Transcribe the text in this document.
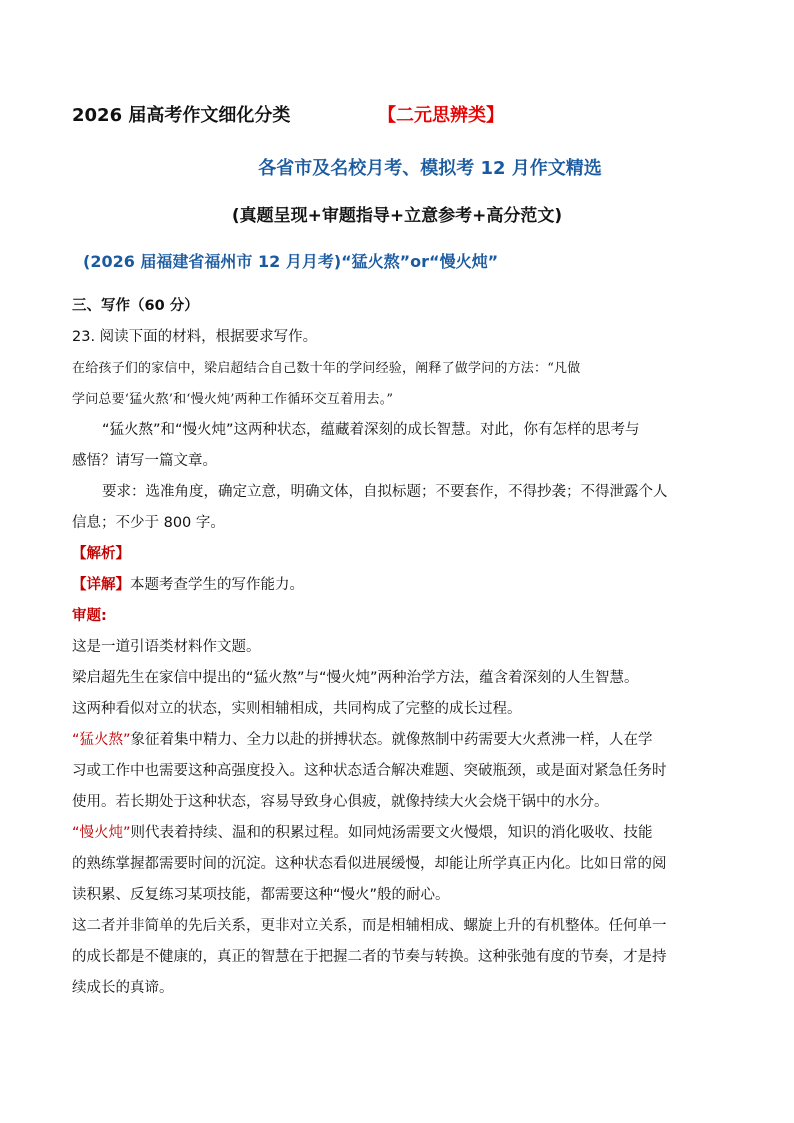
2026 届高考作文细化分类	【二元思辨类】
各省市及名校月考、模拟考 12 月作文精选
(真题呈现+审题指导+立意参考+高分范文)
(2026 届福建省福州市 12 月月考)“猛火熬”or“慢火炖”
三、写作（60 分）
23. 阅读下面的材料，根据要求写作。
在给孩子们的家信中，梁启超结合自己数十年的学问经验，阐释了做学问的方法：“凡做
学问总要‘猛火熬’和‘慢火炖’两种工作循环交互着用去。”
“猛火熬”和“慢火炖”这两种状态，蕴藏着深刻的成长智慧。对此，你有怎样的思考与
感悟？请写一篇文章。
要求：选准角度，确定立意，明确文体，自拟标题；不要套作，不得抄袭；不得泄露个人
信息；不少于 800 字。
【解析】
【详解】本题考查学生的写作能力。
审题:
这是一道引语类材料作文题。
梁启超先生在家信中提出的“猛火熬”与“慢火炖”两种治学方法，蕴含着深刻的人生智慧。
这两种看似对立的状态，实则相辅相成，共同构成了完整的成长过程。
“猛火熬”象征着集中精力、全力以赴的拼搏状态。就像熬制中药需要大火煮沸一样，人在学
习或工作中也需要这种高强度投入。这种状态适合解决难题、突破瓶颈，或是面对紧急任务时
使用。若长期处于这种状态，容易导致身心俱疲，就像持续大火会烧干锅中的水分。
“慢火炖”则代表着持续、温和的积累过程。如同炖汤需要文火慢煨，知识的消化吸收、技能
的熟练掌握都需要时间的沉淀。这种状态看似进展缓慢，却能让所学真正内化。比如日常的阅
读积累、反复练习某项技能，都需要这种“慢火”般的耐心。
这二者并非简单的先后关系，更非对立关系，而是相辅相成、螺旋上升的有机整体。任何单一
的成长都是不健康的，真正的智慧在于把握二者的节奏与转换。这种张弛有度的节奏，才是持
续成长的真谛。
